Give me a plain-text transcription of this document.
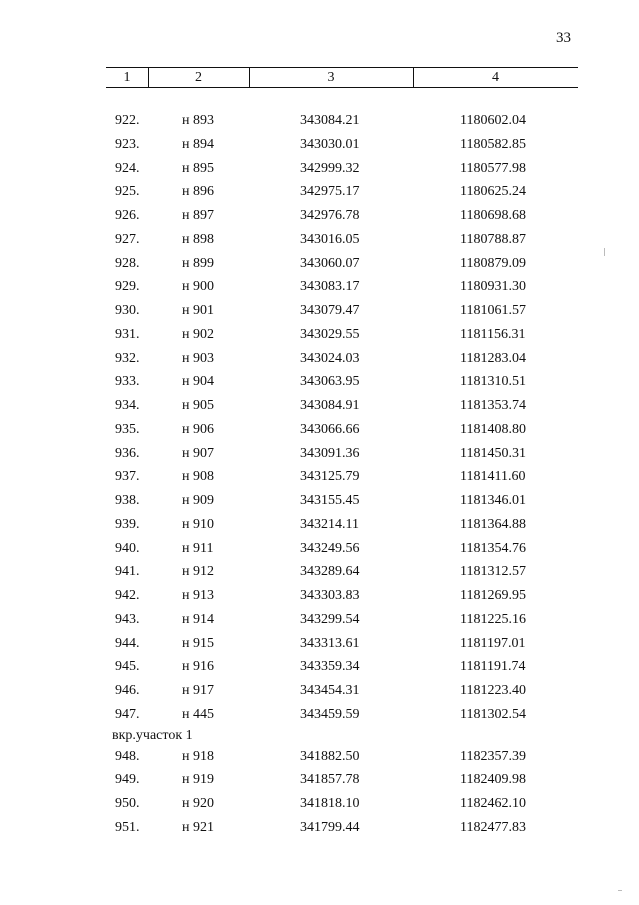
33
1	2	3	4
922.	н 893	343084.21	1180602.04
923.	н 894	343030.01	1180582.85
924.	н 895	342999.32	1180577.98
925.	н 896	342975.17	1180625.24
926.	н 897	342976.78	1180698.68
927.	н 898	343016.05	1180788.87
928.	н 899	343060.07	1180879.09
929.	н 900	343083.17	1180931.30
930.	н 901	343079.47	1181061.57
931.	н 902	343029.55	1181156.31
932.	н 903	343024.03	1181283.04
933.	н 904	343063.95	1181310.51
934.	н 905	343084.91	1181353.74
935.	н 906	343066.66	1181408.80
936.	н 907	343091.36	1181450.31
937.	н 908	343125.79	1181411.60
938.	н 909	343155.45	1181346.01
939.	н 910	343214.11	1181364.88
940.	н 911	343249.56	1181354.76
941.	н 912	343289.64	1181312.57
942.	н 913	343303.83	1181269.95
943.	н 914	343299.54	1181225.16
944.	н 915	343313.61	1181197.01
945.	н 916	343359.34	1181191.74
946.	н 917	343454.31	1181223.40
947.	н 445	343459.59	1181302.54
вкр.участок 1
948.	н 918	341882.50	1182357.39
949.	н 919	341857.78	1182409.98
950.	н 920	341818.10	1182462.10
951.	н 921	341799.44	1182477.83
